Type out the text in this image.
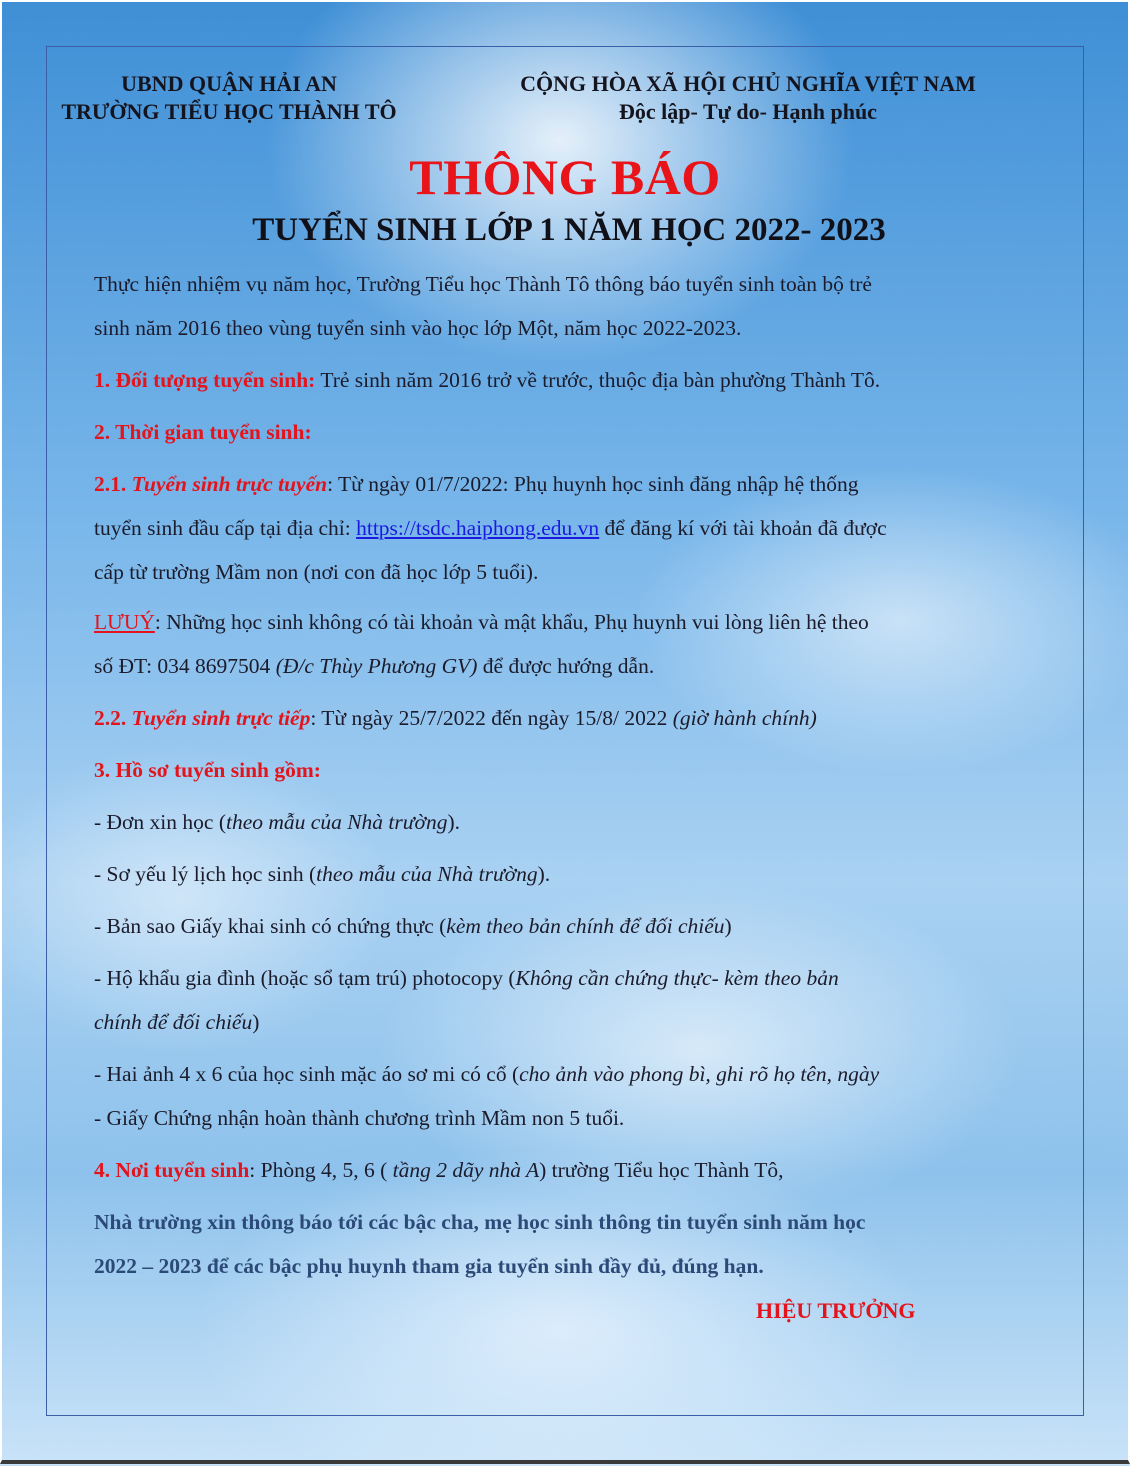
UBND QUẬN HẢI AN
TRƯỜNG TIỂU HỌC THÀNH TÔ
CỘNG HÒA XÃ HỘI CHỦ NGHĨA VIỆT NAM
Độc lập- Tự do- Hạnh phúc
THÔNG BÁO
TUYỂN SINH LỚP 1 NĂM HỌC 2022- 2023

Thực hiện nhiệm vụ năm học, Trường Tiểu học Thành Tô thông báo tuyển sinh toàn bộ trẻ

sinh năm 2016 theo vùng tuyển sinh vào học lớp Một, năm học 2022-2023.

1. Đối tượng tuyển sinh: Trẻ sinh năm 2016 trở về trước, thuộc địa bàn phường Thành Tô.

2. Thời gian tuyển sinh:

2.1. Tuyển sinh trực tuyến: Từ ngày 01/7/2022: Phụ huynh học sinh đăng nhập hệ thống

tuyển sinh đầu cấp tại địa chỉ: https://tsdc.haiphong.edu.vn để đăng kí với tài khoản đã được

cấp từ trường Mầm non (nơi con đã học lớp 5 tuổi).

LƯUÝ: Những học sinh không có tài khoản và mật khẩu, Phụ huynh vui lòng liên hệ theo

số ĐT: 034 8697504 (Đ/c Thùy Phương GV) để được hướng dẫn.

2.2. Tuyển sinh trực tiếp: Từ ngày 25/7/2022 đến ngày 15/8/ 2022 (giờ hành chính)

3. Hồ sơ tuyển sinh gồm:

- Đơn xin học (theo mẫu của Nhà trường).

- Sơ yếu lý lịch học sinh (theo mẫu của Nhà trường).

- Bản sao Giấy khai sinh có chứng thực (kèm theo bản chính để đối chiếu)

- Hộ khẩu gia đình (hoặc sổ tạm trú) photocopy (Không cần chứng thực- kèm theo bản

chính để đối chiếu)

- Hai ảnh 4 x 6 của học sinh mặc áo sơ mi có cổ (cho ảnh vào phong bì, ghi rõ họ tên, ngày

- Giấy Chứng nhận hoàn thành chương trình Mầm non 5 tuổi.

4. Nơi tuyển sinh: Phòng 4, 5, 6 ( tầng 2 dãy nhà A) trường Tiểu học Thành Tô,

Nhà trường xin thông báo tới các bậc cha, mẹ học sinh thông tin tuyển sinh năm học

2022 – 2023 để các bậc phụ huynh tham gia tuyển sinh đầy đủ, đúng hạn.

HIỆU TRƯỞNG
